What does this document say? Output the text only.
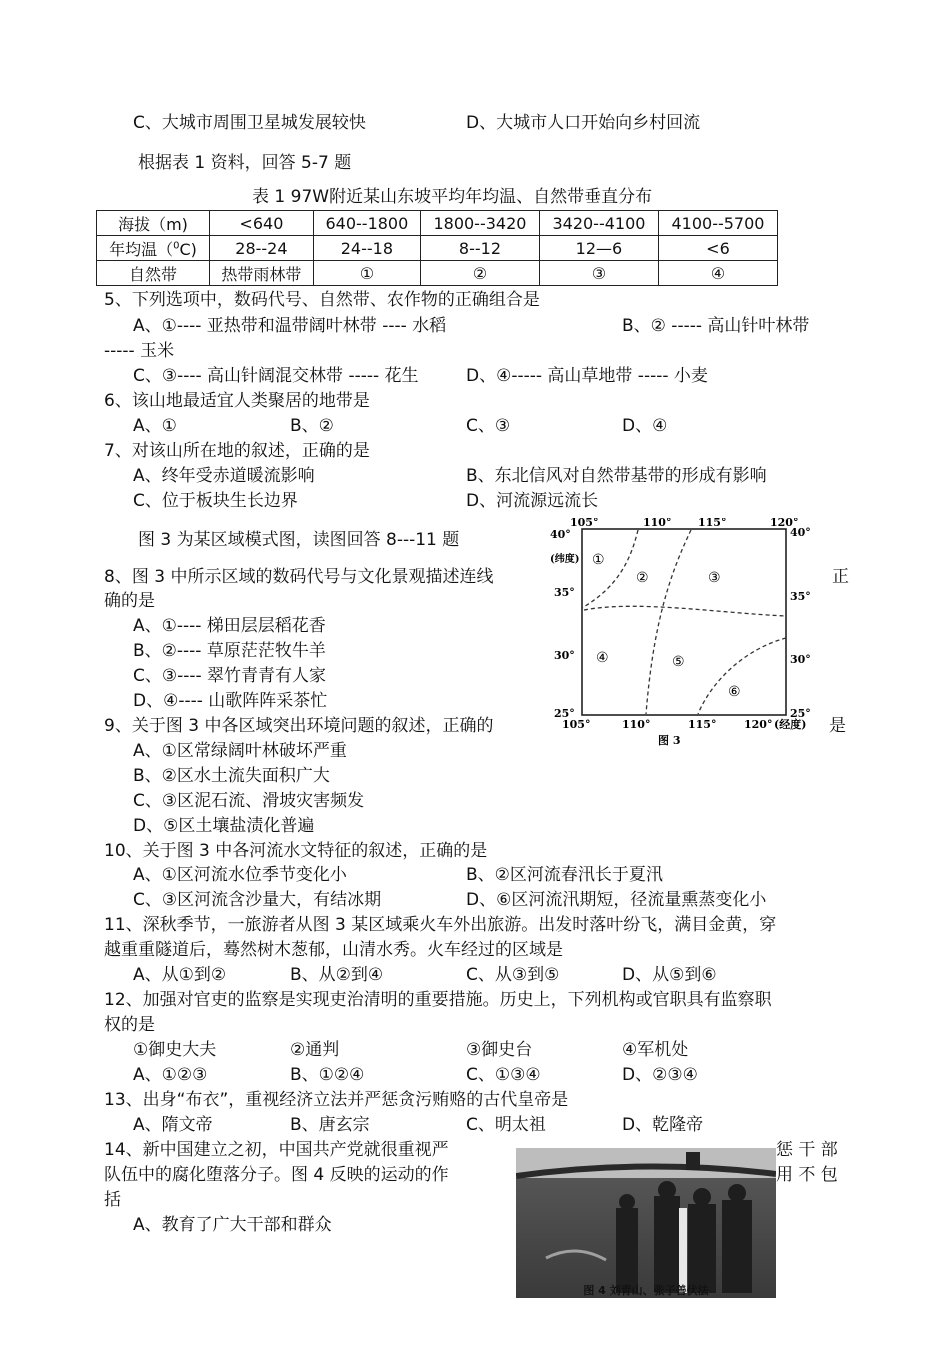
C、大城市周围卫星城发展较快	D、大城市人口开始向乡村回流
根据表 1 资料，回答 5-7 题
表 1 97W附近某山东坡平均年均温、自然带垂直分布
海拔（m)	<640	640--1800	1800--3420	3420--4100	4100--5700
年均温（$^0$C)	28--24	24--18	8--12	12—6	<6
自然带	热带雨林带	①	②	③	④
5、下列选项中，数码代号、自然带、农作物的正确组合是
A、①---- 亚热带和温带阔叶林带 ---- 水稻	B、② ----- 高山针叶林带
----- 玉米
C、③---- 高山针阔混交林带 ----- 花生	D、④----- 高山草地带 ----- 小麦
6、该山地最适宜人类聚居的地带是
A、①	B、②	C、③	D、④
7、对该山所在地的叙述，正确的是
A、终年受赤道暖流影响	B、东北信风对自然带基带的形成有影响
C、位于板块生长边界	D、河流源远流长
图 3 为某区域模式图，读图回答 8---11 题
8、图 3 中所示区域的数码代号与文化景观描述连线	正
确的是
A、①---- 梯田层层稻花香
B、②---- 草原茫茫牧牛羊
C、③---- 翠竹青青有人家
D、④---- 山歌阵阵采茶忙
9、关于图 3 中各区域突出环境问题的叙述，正确的	是
A、①区常绿阔叶林破坏严重
B、②区水土流失面积广大
C、③区泥石流、滑坡灾害频发
D、⑤区土壤盐渍化普遍
10、关于图 3 中各河流水文特征的叙述，正确的是
A、①区河流水位季节变化小	B、②区河流春汛长于夏汛
C、③区河流含沙量大，有结冰期	D、⑥区河流汛期短，径流量熏蒸变化小
11、深秋季节，一旅游者从图 3 某区域乘火车外出旅游。出发时落叶纷飞，满目金黄，穿
越重重隧道后，蓦然树木葱郁，山清水秀。火车经过的区域是
A、从①到②	B、从②到④	C、从③到⑤	D、从⑤到⑥
12、加强对官吏的监察是实现吏治清明的重要措施。历史上，下列机构或官职具有监察职
权的是
①御史大夫	②通判	③御史台	④军机处
A、①②③	B、①②④	C、①③④	D、②③④
13、出身“布衣”，重视经济立法并严惩贪污贿赂的古代皇帝是
A、隋文帝	B、唐玄宗	C、明太祖	D、乾隆帝
14、新中国建立之初，中国共产党就很重视严	惩 干 部
队伍中的腐化堕落分子。图 4 反映的运动的作	用 不 包
括
A、教育了广大干部和群众
105°	110° 115°	120°
40°
(纬度)
35°
30°
25°
40°
35°
30°
25°
105°	110°	115°	120° (经度)
图 3
①
②	③
④	⑤
⑥
图 4 刘青山、张子善伏法
